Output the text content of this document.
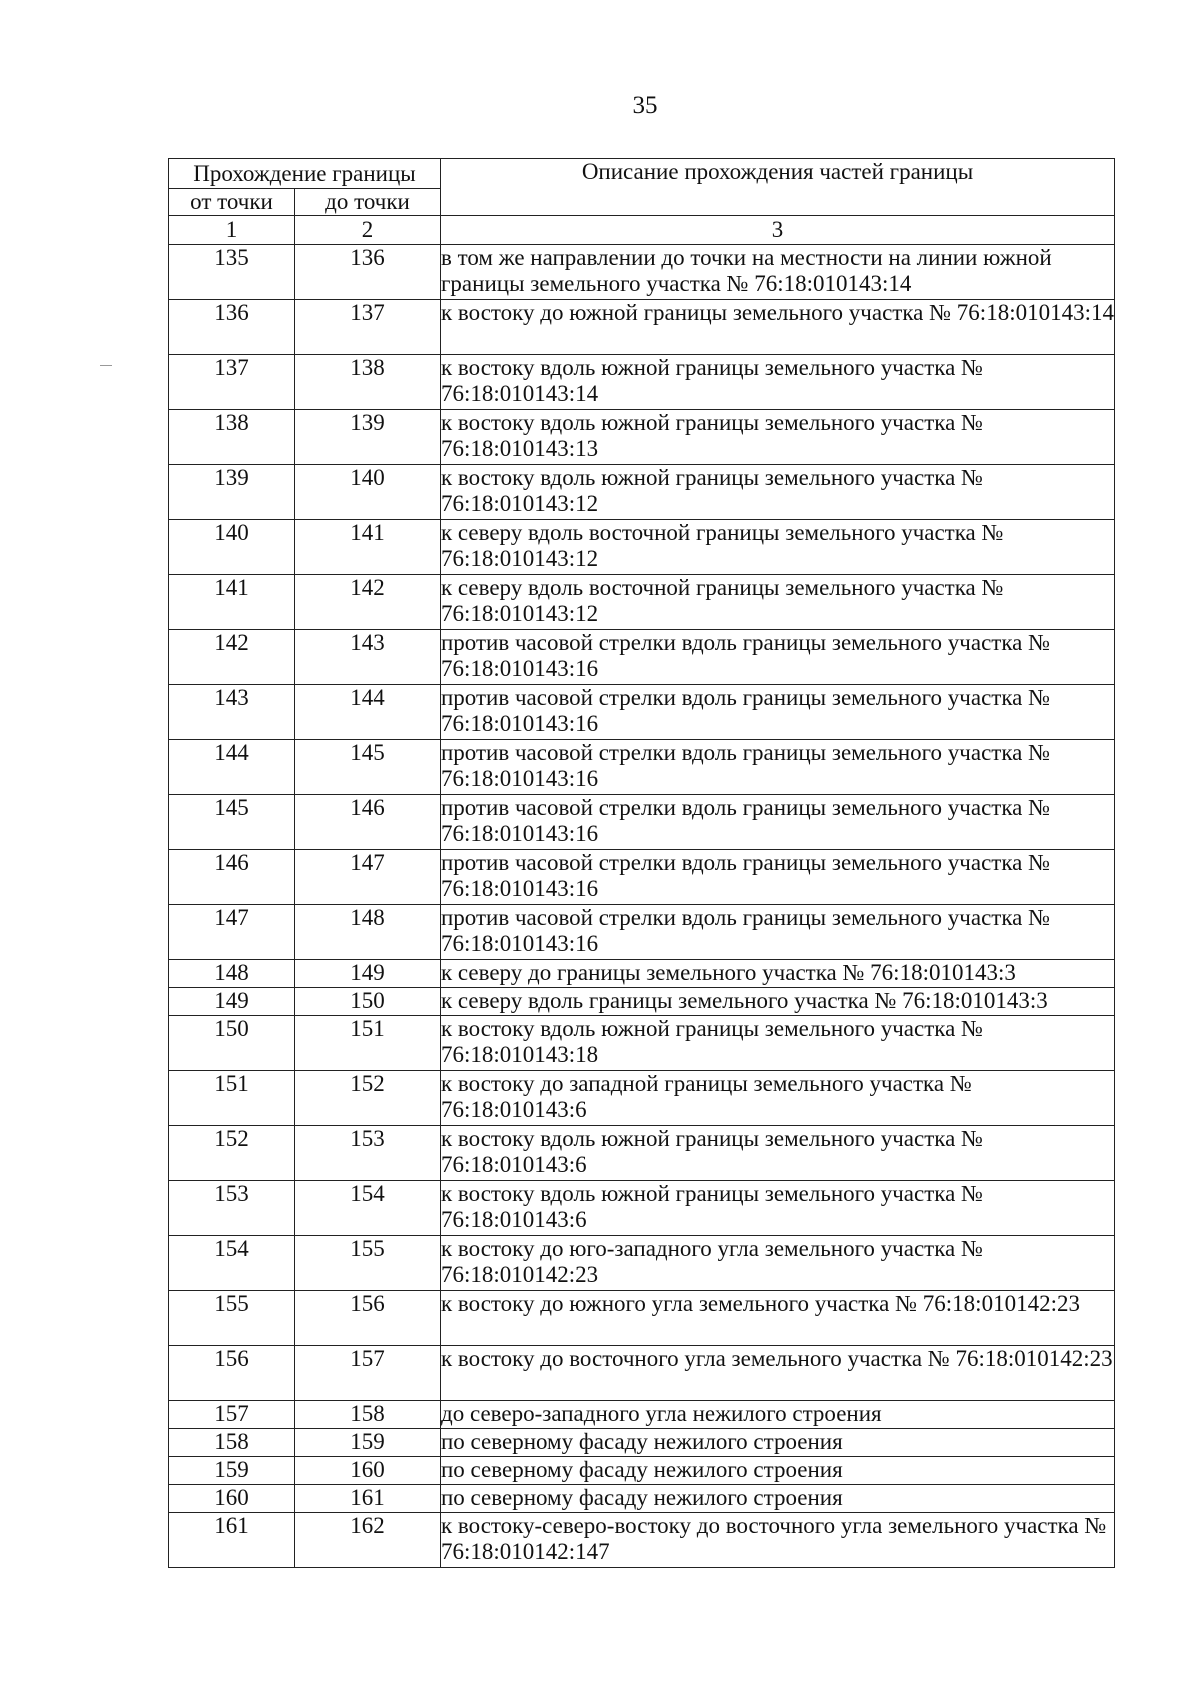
35
Прохождение границы		Описание прохождения частей границы
от точки	до точки	
1	2	3
135	136	в том же направлении до точки на местности на линии южной границы земельного участка № 76:18:010143:14
136	137	к востоку до южной границы земельного участка № 76:18:010143:14
137	138	к востоку вдоль южной границы земельного участка № 76:18:010143:14
138	139	к востоку вдоль южной границы земельного участка № 76:18:010143:13
139	140	к востоку вдоль южной границы земельного участка № 76:18:010143:12
140	141	к северу вдоль восточной границы земельного участка № 76:18:010143:12
141	142	к северу вдоль восточной границы земельного участка № 76:18:010143:12
142	143	против часовой стрелки вдоль границы земельного участка № 76:18:010143:16
143	144	против часовой стрелки вдоль границы земельного участка № 76:18:010143:16
144	145	против часовой стрелки вдоль границы земельного участка № 76:18:010143:16
145	146	против часовой стрелки вдоль границы земельного участка № 76:18:010143:16
146	147	против часовой стрелки вдоль границы земельного участка № 76:18:010143:16
147	148	против часовой стрелки вдоль границы земельного участка № 76:18:010143:16
148	149	к северу до границы земельного участка № 76:18:010143:3
149	150	к северу вдоль границы земельного участка № 76:18:010143:3
150	151	к востоку вдоль южной границы земельного участка № 76:18:010143:18
151	152	к востоку до западной границы земельного участка № 76:18:010143:6
152	153	к востоку вдоль южной границы земельного участка № 76:18:010143:6
153	154	к востоку вдоль южной границы земельного участка № 76:18:010143:6
154	155	к востоку до юго-западного угла земельного участка № 76:18:010142:23
155	156	к востоку до южного угла земельного участка № 76:18:010142:23
156	157	к востоку до восточного угла земельного участка № 76:18:010142:23
157	158	до северо-западного угла нежилого строения
158	159	по северному фасаду нежилого строения
159	160	по северному фасаду нежилого строения
160	161	по северному фасаду нежилого строения
161	162	к востоку-северо-востоку до восточного угла земельного участка № 76:18:010142:147
